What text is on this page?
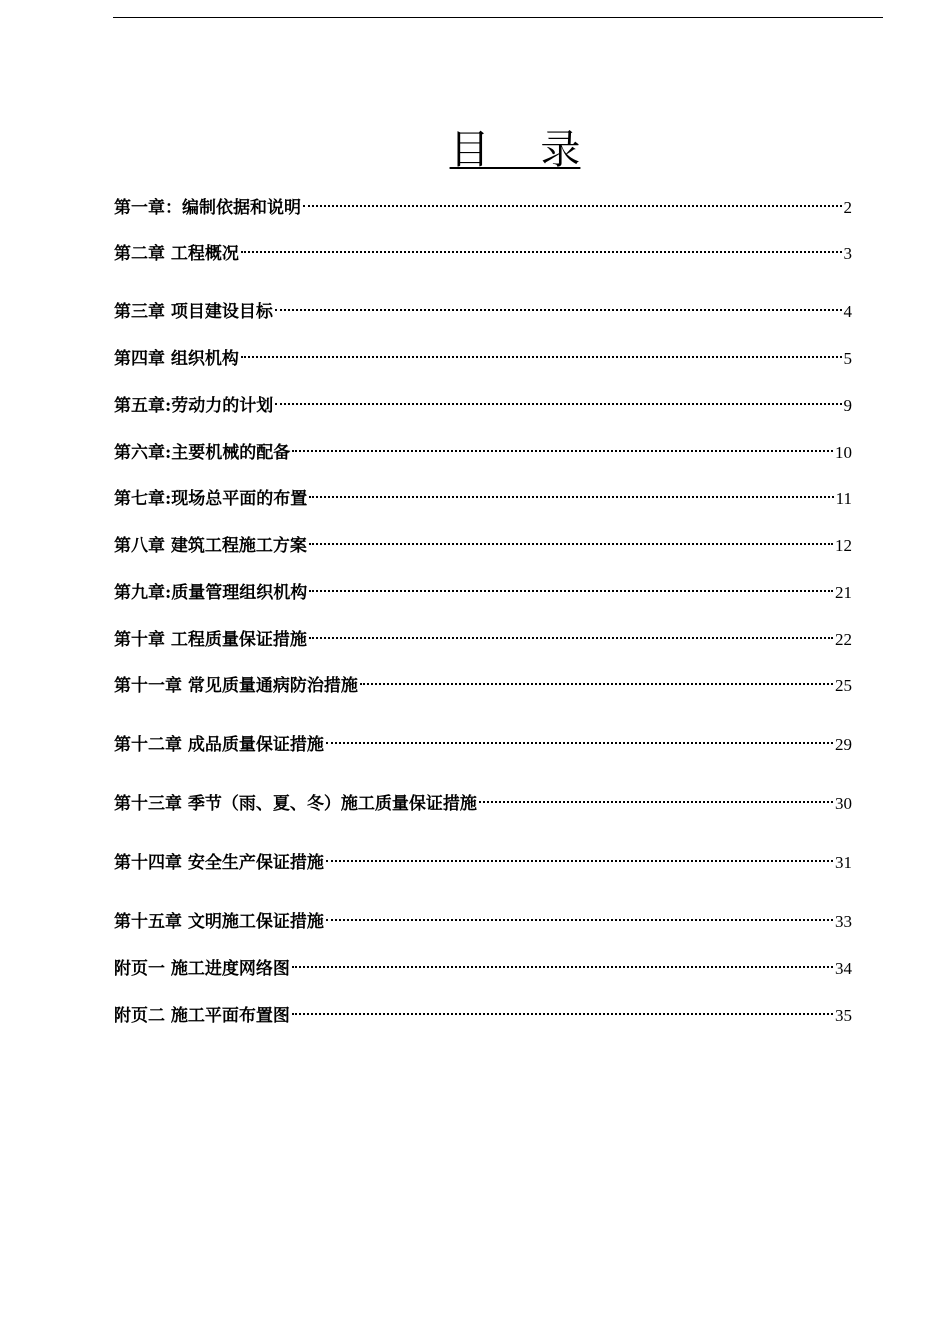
目    录
第一章：编制依据和说明	2
第二章 工程概况	3
第三章 项目建设目标	4
第四章 组织机构	5
第五章:劳动力的计划	9
第六章:主要机械的配备	10
第七章:现场总平面的布置	11
第八章 建筑工程施工方案	12
第九章:质量管理组织机构	21
第十章 工程质量保证措施	22
第十一章 常见质量通病防治措施	25
第十二章 成品质量保证措施	29
第十三章 季节（雨、夏、冬）施工质量保证措施	30
第十四章 安全生产保证措施	31
第十五章 文明施工保证措施	33
附页一 施工进度网络图	34
附页二 施工平面布置图	35
